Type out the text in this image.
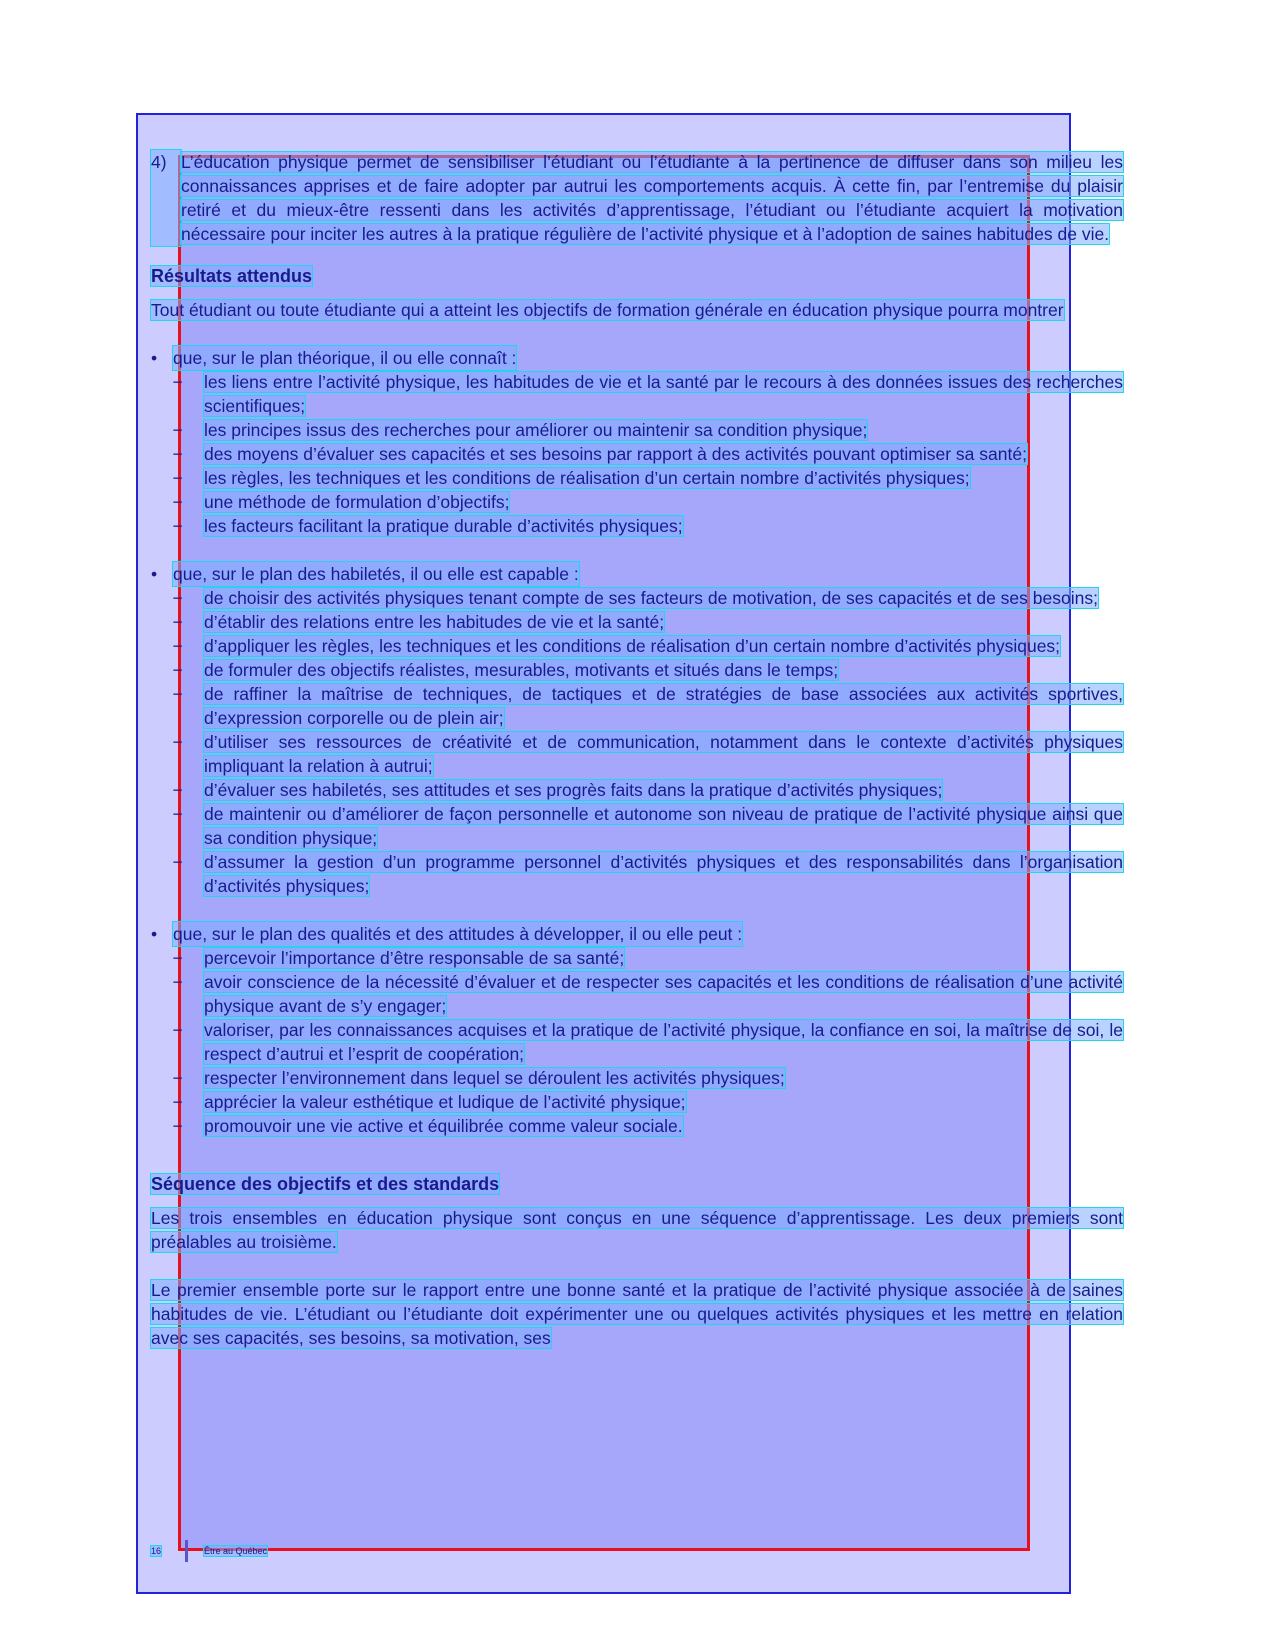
4) L’éducation physique permet de sensibiliser l’étudiant ou l’étudiante à la pertinence de diffuser dans son milieu les connaissances apprises et de faire adopter par autrui les comportements acquis. À cette fin, par l’entremise du plaisir retiré et du mieux-être ressenti dans les activités d’apprentissage, l’étudiant ou l’étudiante acquiert la motivation nécessaire pour inciter les autres à la pratique régulière de l’activité physique et à l’adoption de saines habitudes de vie.

Résultats attendus

Tout étudiant ou toute étudiante qui a atteint les objectifs de formation générale en éducation physique pourra montrer

• que, sur le plan théorique, il ou elle connaît :
−	les liens entre l’activité physique, les habitudes de vie et la santé par le recours à des données issues des recherches scientifiques;
−	les principes issus des recherches pour améliorer ou maintenir sa condition physique;
−	des moyens d’évaluer ses capacités et ses besoins par rapport à des activités pouvant optimiser sa santé;
−	les règles, les techniques et les conditions de réalisation d’un certain nombre d’activités physiques;
−	une méthode de formulation d’objectifs;
−	les facteurs facilitant la pratique durable d’activités physiques;
• que, sur le plan des habiletés, il ou elle est capable :
−	de choisir des activités physiques tenant compte de ses facteurs de motivation, de ses capacités et de ses besoins;
−	d’établir des relations entre les habitudes de vie et la santé;
−	d’appliquer les règles, les techniques et les conditions de réalisation d’un certain nombre d’activités physiques;
−	de formuler des objectifs réalistes, mesurables, motivants et situés dans le temps;
−	de raffiner la maîtrise de techniques, de tactiques et de stratégies de base associées aux activités sportives, d’expression corporelle ou de plein air;
−	d’utiliser ses ressources de créativité et de communication, notamment dans le contexte d’activités physiques impliquant la relation à autrui;
−	d’évaluer ses habiletés, ses attitudes et ses progrès faits dans la pratique d’activités physiques;
−	de maintenir ou d’améliorer de façon personnelle et autonome son niveau de pratique de l’activité physique ainsi que sa condition physique;
−	d’assumer la gestion d’un programme personnel d’activités physiques et des responsabilités dans l’organisation d’activités physiques;
• que, sur le plan des qualités et des attitudes à développer, il ou elle peut :
−	percevoir l’importance d’être responsable de sa santé;
−	avoir conscience de la nécessité d’évaluer et de respecter ses capacités et les conditions de réalisation d’une activité physique avant de s’y engager;
−	valoriser, par les connaissances acquises et la pratique de l’activité physique, la confiance en soi, la maîtrise de soi, le respect d’autrui et l’esprit de coopération;
−	respecter l’environnement dans lequel se déroulent les activités physiques;
−	apprécier la valeur esthétique et ludique de l’activité physique;
−	promouvoir une vie active et équilibrée comme valeur sociale.
Séquence des objectifs et des standards

Les trois ensembles en éducation physique sont conçus en une séquence d’apprentissage. Les deux premiers sont préalables au troisième.

Le premier ensemble porte sur le rapport entre une bonne santé et la pratique de l’activité physique associée à de saines habitudes de vie. L’étudiant ou l’étudiante doit expérimenter une ou quelques activités physiques et les mettre en relation avec ses capacités, ses besoins, sa motivation, ses

16	Être au Québec
